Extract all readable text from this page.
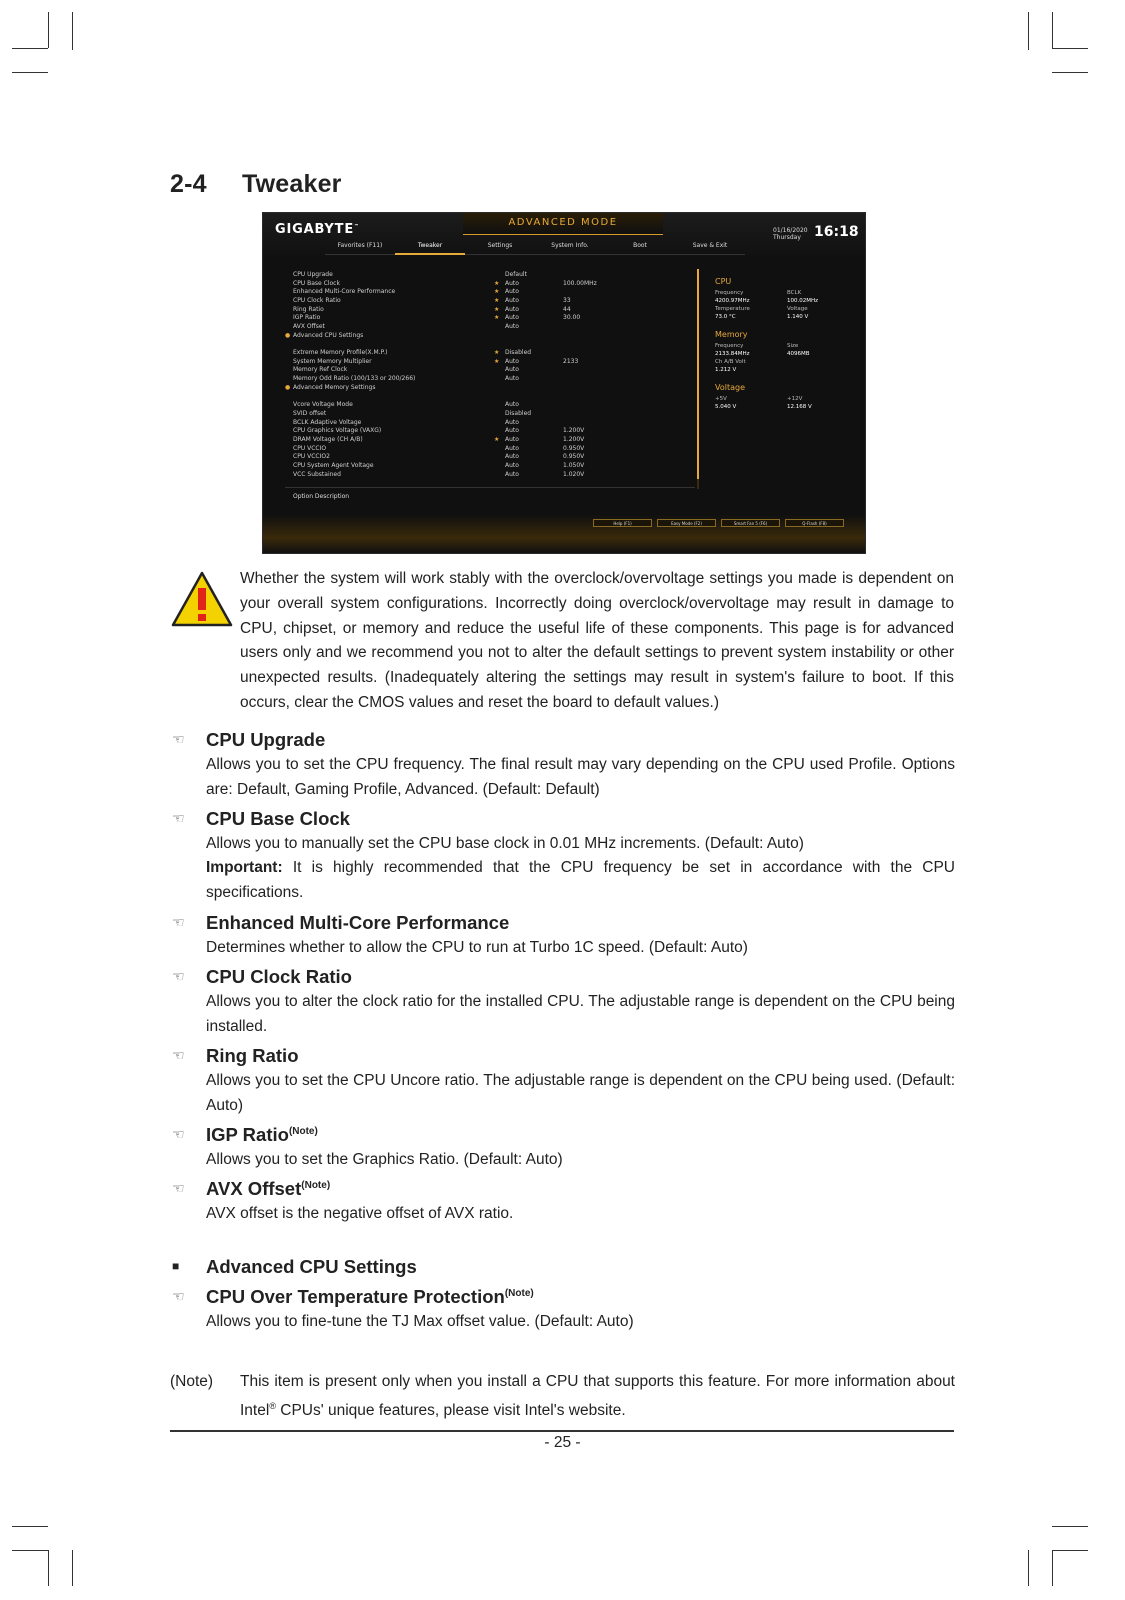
2-4 Tweaker
GIGABYTE™	ADVANCED MODE
01/16/2020
Thursday 16:18
Favorites (F11)	Tweaker	Settings	System Info.	Boot	Save & Exit
CPU Upgrade	Default
CPU Base Clock	★ Auto	100.00MHz
Enhanced Multi-Core Performance	★ Auto
CPU Clock Ratio	★ Auto	33
Ring Ratio	★ Auto	44
IGP Ratio	★ Auto	30.00
AVX Offset	Auto
● Advanced CPU Settings
Extreme Memory Profile(X.M.P.)	★ Disabled
System Memory Multiplier	★ Auto	2133
Memory Ref Clock	Auto
Memory Odd Ratio (100/133 or 200/266)	Auto
● Advanced Memory Settings
Vcore Voltage Mode	Auto
SVID offset	Disabled
BCLK Adaptive Voltage	Auto
CPU Graphics Voltage (VAXG)	Auto	1.200V
DRAM Voltage (CH A/B)	★ Auto	1.200V
CPU VCCIO	Auto	0.950V
CPU VCCIO2	Auto	0.950V
CPU System Agent Voltage	Auto	1.050V
VCC Substained	Auto	1.020V
CPU
Frequency	BCLK
4200.97MHz	100.02MHz
Temperature	Voltage
73.0 °C	1.140 V
Memory
Frequency	Size
2133.84MHz	4096MB
Ch A/B Volt
1.212 V
Voltage
+5V	+12V
5.040 V	12.168 V
Option Description
Help (F1)	Easy Mode (F2)	Smart Fan 5 (F6)	Q-Flash (F8)
Whether the system will work stably with the overclock/overvoltage settings you made is dependent on your overall system configurations. Incorrectly doing overclock/overvoltage may result in damage to CPU, chipset, or memory and reduce the useful life of these components. This page is for advanced users only and we recommend you not to alter the default settings to prevent system instability or other unexpected results. (Inadequately altering the settings may result in system's failure to boot. If this occurs, clear the CMOS values and reset the board to default values.)
☜ CPU Upgrade
Allows you to set the CPU frequency. The final result may vary depending on the CPU used Profile. Options are: Default, Gaming Profile, Advanced. (Default: Default)
☜ CPU Base Clock
Allows you to manually set the CPU base clock in 0.01 MHz increments. (Default: Auto)
Important: It is highly recommended that the CPU frequency be set in accordance with the CPU specifications.
☜ Enhanced Multi-Core Performance
Determines whether to allow the CPU to run at Turbo 1C speed. (Default: Auto)
☜ CPU Clock Ratio
Allows you to alter the clock ratio for the installed CPU. The adjustable range is dependent on the CPU being installed.
☜ Ring Ratio
Allows you to set the CPU Uncore ratio. The adjustable range is dependent on the CPU being used. (Default: Auto)
☜ IGP Ratio$^{(Note)}$
Allows you to set the Graphics Ratio. (Default: Auto)
☜ AVX Offset$^{(Note)}$
AVX offset is the negative offset of AVX ratio.
■ Advanced CPU Settings
☜ CPU Over Temperature Protection$^{(Note)}$
Allows you to fine-tune the TJ Max offset value. (Default: Auto)
(Note) This item is present only when you install a CPU that supports this feature. For more information about Intel® CPUs' unique features, please visit Intel's website.
- 25 -
